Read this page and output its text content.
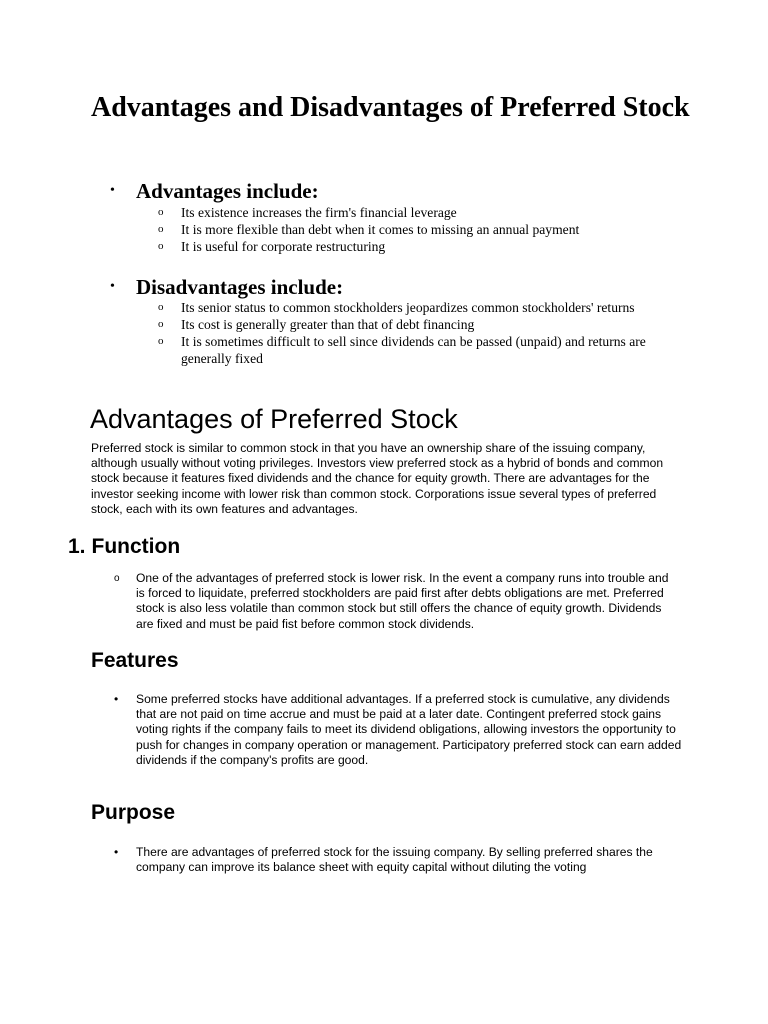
Advantages and Disadvantages of Preferred Stock
• Advantages include:
o Its existence increases the firm's financial leverage
o It is more flexible than debt when it comes to missing an annual payment
o It is useful for corporate restructuring
• Disadvantages include:
o Its senior status to common stockholders jeopardizes common stockholders' returns
o Its cost is generally greater than that of debt financing
o It is sometimes difficult to sell since dividends can be passed (unpaid) and returns are generally fixed
Advantages of Preferred Stock

Preferred stock is similar to common stock in that you have an ownership share of the issuing company, although usually without voting privileges. Investors view preferred stock as a hybrid of bonds and common stock because it features fixed dividends and the chance for equity growth. There are advantages for the investor seeking income with lower risk than common stock. Corporations issue several types of preferred stock, each with its own features and advantages.

1. Function
o One of the advantages of preferred stock is lower risk. In the event a company runs into trouble and is forced to liquidate, preferred stockholders are paid first after debts obligations are met. Preferred stock is also less volatile than common stock but still offers the chance of equity growth. Dividends are fixed and must be paid fist before common stock dividends.

Features
• Some preferred stocks have additional advantages. If a preferred stock is cumulative, any dividends that are not paid on time accrue and must be paid at a later date. Contingent preferred stock gains voting rights if the company fails to meet its dividend obligations, allowing investors the opportunity to push for changes in company operation or management. Participatory preferred stock can earn added dividends if the company's profits are good.

Purpose
• There are advantages of preferred stock for the issuing company. By selling preferred shares the company can improve its balance sheet with equity capital without diluting the voting
